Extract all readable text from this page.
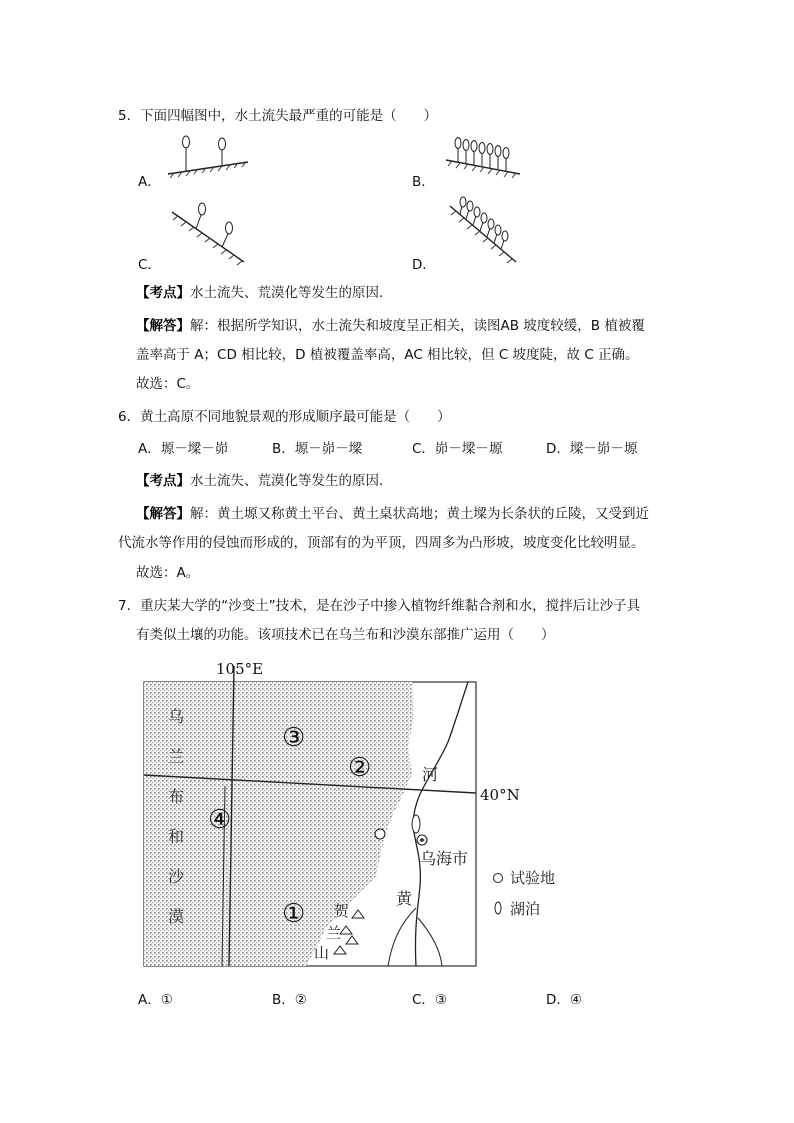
5．下面四幅图中，水土流失最严重的可能是（　　）
A．	B．
C．	D．
【考点】水土流失、荒漠化等发生的原因．
【解答】解：根据所学知识，水土流失和坡度呈正相关，读图AB 坡度较缓，B 植被覆
盖率高于 A；CD 相比较，D 植被覆盖率高，AC 相比较，但 C 坡度陡，故 C 正确。
故选：C。
6．黄土高原不同地貌景观的形成顺序最可能是（　　）
A．塬－墚－峁	B．塬－峁－墚	C．峁－墚－塬	D．墚－峁－塬
【考点】水土流失、荒漠化等发生的原因．
【解答】解：黄土塬又称黄土平台、黄土桌状高地；黄土墚为长条状的丘陵，又受到近
代流水等作用的侵蚀而形成的，顶部有的为平顶，四周多为凸形坡，坡度变化比较明显。
故选：A。
7．重庆某大学的“沙变土”技术，是在沙子中掺入植物纤维黏合剂和水，搅拌后让沙子具
有类似土壤的功能。该项技术已在乌兰布和沙漠东部推广运用（　　）
105°E
40°N
乌
兰
布
和
沙
漠	①
②
③
④
河
黄
乌海市
贺
兰
山
试验地
湖泊
A．①	B．②	C．③	D．④
